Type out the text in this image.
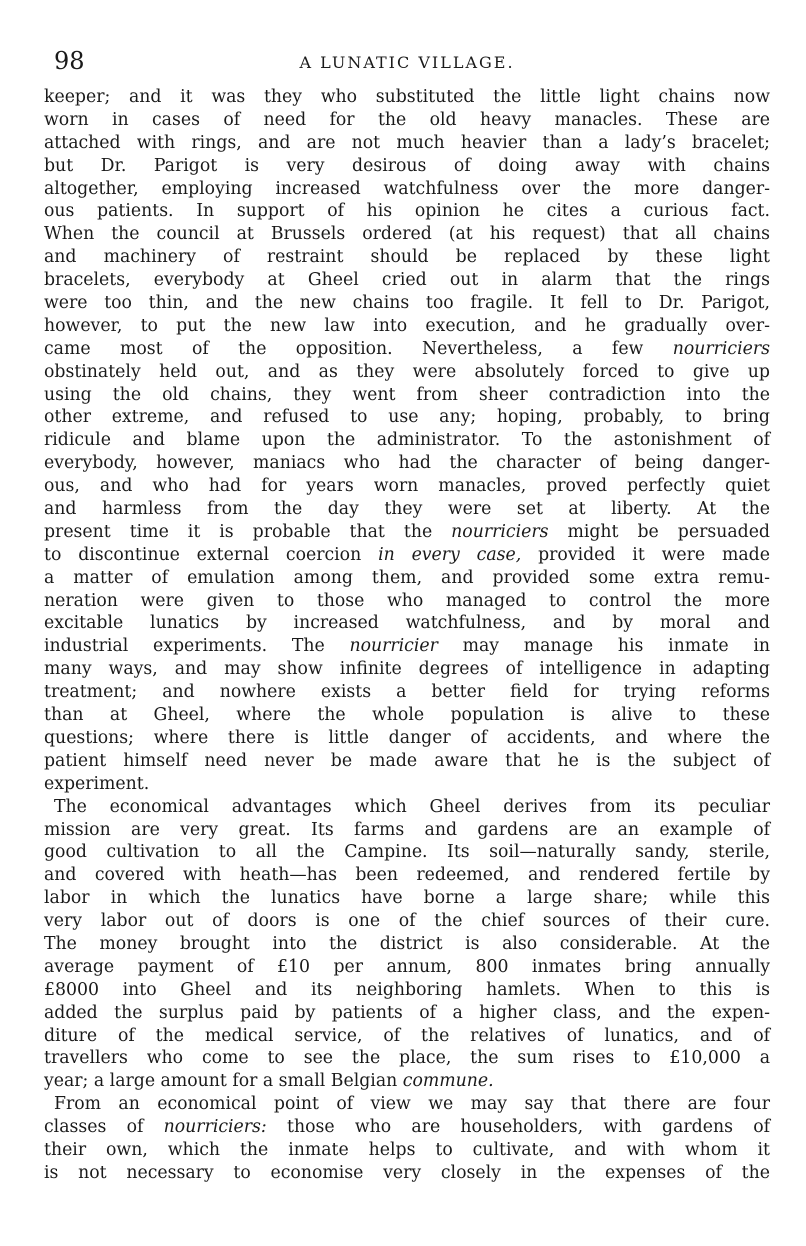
98	A LUNATIC VILLAGE.
keeper; and it was they who substituted the little light chains now
worn in cases of need for the old heavy manacles. These are
attached with rings, and are not much heavier than a lady’s bracelet;
but Dr. Parigot is very desirous of doing away with chains
altogether, employing increased watchfulness over the more danger-
ous patients. In support of his opinion he cites a curious fact.
When the council at Brussels ordered (at his request) that all chains
and machinery of restraint should be replaced by these light
bracelets, everybody at Gheel cried out in alarm that the rings
were too thin, and the new chains too fragile. It fell to Dr. Parigot,
however, to put the new law into execution, and he gradually over-
came most of the opposition. Nevertheless, a few nourriciers
obstinately held out, and as they were absolutely forced to give up
using the old chains, they went from sheer contradiction into the
other extreme, and refused to use any; hoping, probably, to bring
ridicule and blame upon the administrator. To the astonishment of
everybody, however, maniacs who had the character of being danger-
ous, and who had for years worn manacles, proved perfectly quiet
and harmless from the day they were set at liberty. At the
present time it is probable that the nourriciers might be persuaded
to discontinue external coercion in every case, provided it were made
a matter of emulation among them, and provided some extra remu-
neration were given to those who managed to control the more
excitable lunatics by increased watchfulness, and by moral and
industrial experiments. The nourricier may manage his inmate in
many ways, and may show infinite degrees of intelligence in adapting
treatment; and nowhere exists a better field for trying reforms
than at Gheel, where the whole population is alive to these
questions; where there is little danger of accidents, and where the
patient himself need never be made aware that he is the subject of
experiment.
The economical advantages which Gheel derives from its peculiar
mission are very great. Its farms and gardens are an example of
good cultivation to all the Campine. Its soil—naturally sandy, sterile,
and covered with heath—has been redeemed, and rendered fertile by
labor in which the lunatics have borne a large share; while this
very labor out of doors is one of the chief sources of their cure.
The money brought into the district is also considerable. At the
average payment of £10 per annum, 800 inmates bring annually
£8000 into Gheel and its neighboring hamlets. When to this is
added the surplus paid by patients of a higher class, and the expen-
diture of the medical service, of the relatives of lunatics, and of
travellers who come to see the place, the sum rises to £10,000 a
year; a large amount for a small Belgian commune.
From an economical point of view we may say that there are four
classes of nourriciers: those who are householders, with gardens of
their own, which the inmate helps to cultivate, and with whom it
is not necessary to economise very closely in the expenses of the
